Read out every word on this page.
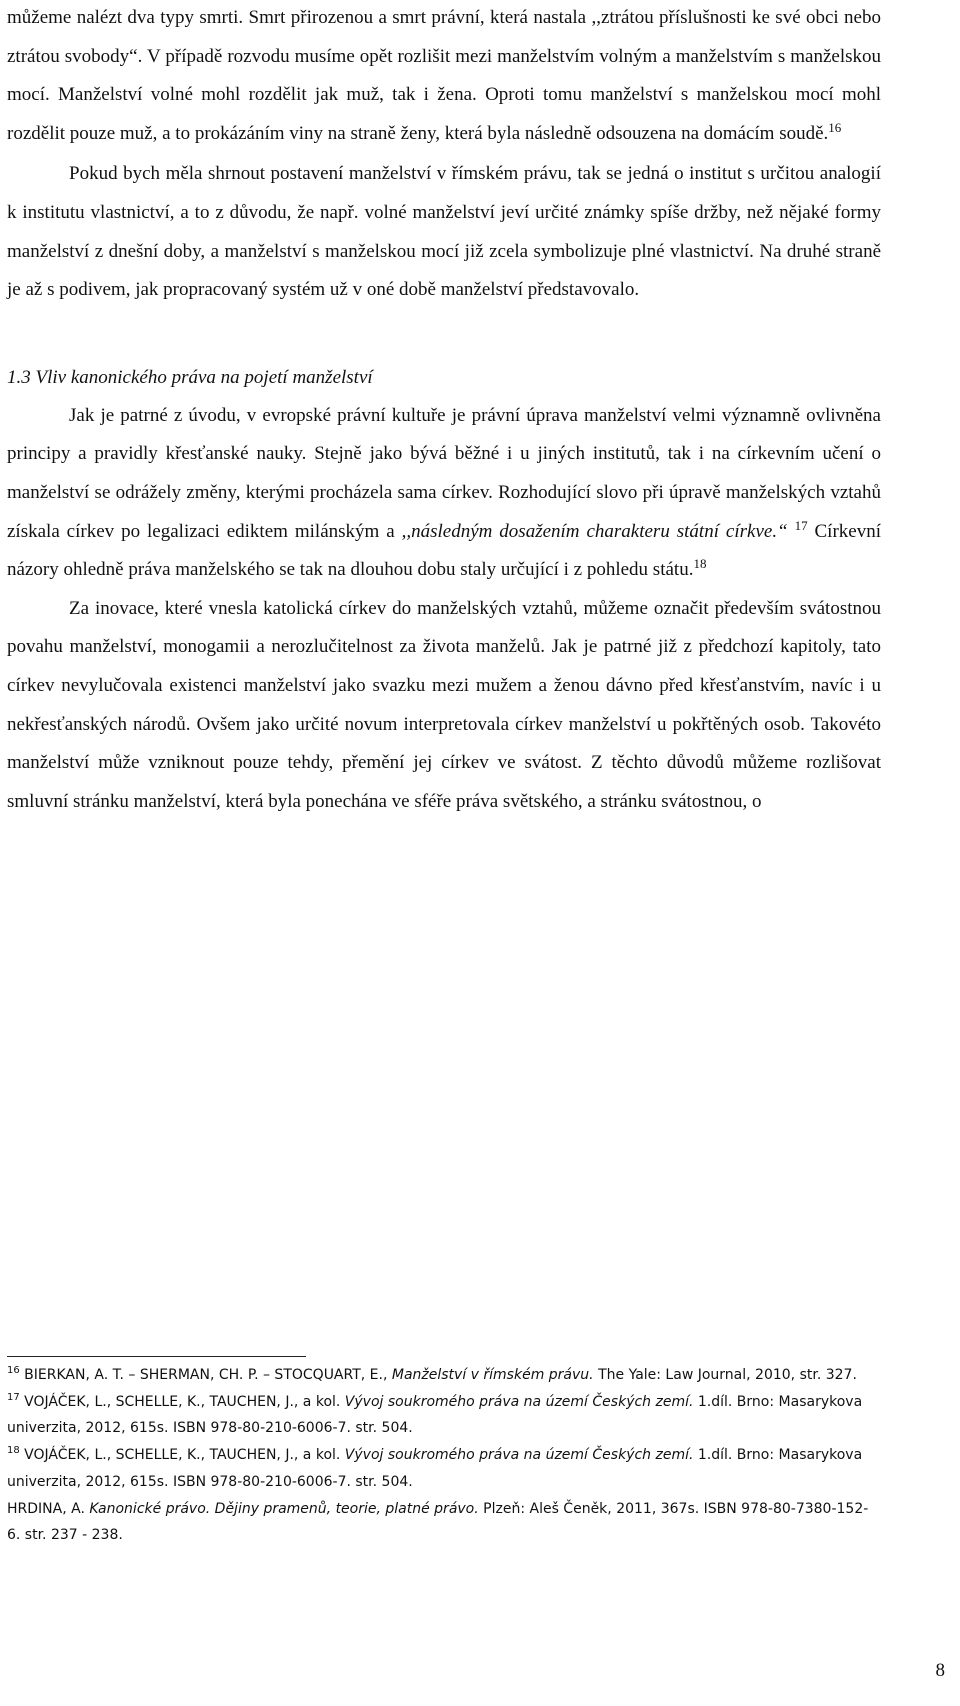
můžeme nalézt dva typy smrti. Smrt přirozenou a smrt právní, která nastala ,,ztrátou příslušnosti ke své obci nebo ztrátou svobody“. V případě rozvodu musíme opět rozlišit mezi manželstvím volným a manželstvím s manželskou mocí. Manželství volné mohl rozdělit jak muž, tak i žena. Oproti tomu manželství s manželskou mocí mohl rozdělit pouze muž, a to prokázáním viny na straně ženy, která byla následně odsouzena na domácím soudě.$^{16}$

Pokud bych měla shrnout postavení manželství v římském právu, tak se jedná o institut s určitou analogií k institutu vlastnictví, a to z důvodu, že např. volné manželství jeví určité známky spíše držby, než nějaké formy manželství z dnešní doby, a manželství s manželskou mocí již zcela symbolizuje plné vlastnictví. Na druhé straně je až s podivem, jak propracovaný systém už v oné době manželství představovalo.

1.3 Vliv kanonického práva na pojetí manželství

Jak je patrné z úvodu, v evropské právní kultuře je právní úprava manželství velmi významně ovlivněna principy a pravidly křesťanské nauky. Stejně jako bývá běžné i u jiných institutů, tak i na církevním učení o manželství se odrážely změny, kterými procházela sama církev. Rozhodující slovo při úpravě manželských vztahů získala církev po legalizaci ediktem milánským a ,,následným dosažením charakteru státní církve.“ $^{17}$ Církevní názory ohledně práva manželského se tak na dlouhou dobu staly určující i z pohledu státu.$^{18}$

Za inovace, které vnesla katolická církev do manželských vztahů, můžeme označit především svátostnou povahu manželství, monogamii a nerozlučitelnost za života manželů. Jak je patrné již z předchozí kapitoly, tato církev nevylučovala existenci manželství jako svazku mezi mužem a ženou dávno před křesťanstvím, navíc i u nekřesťanských národů. Ovšem jako určité novum interpretovala církev manželství u pokřtěných osob. Takovéto manželství může vzniknout pouze tehdy, přemění jej církev ve svátost. Z těchto důvodů můžeme rozlišovat smluvní stránku manželství, která byla ponechána ve sféře práva světského, a stránku svátostnou, o

$^{16}$ BIERKAN, A. T. – SHERMAN, CH. P. – STOCQUART, E., Manželství v římském právu. The Yale: Law Journal, 2010, str. 327.

$^{17}$ VOJÁČEK, L., SCHELLE, K., TAUCHEN, J., a kol. Vývoj soukromého práva na území Českých zemí. 1.díl. Brno: Masarykova univerzita, 2012, 615s. ISBN 978-80-210-6006-7. str. 504.

$^{18}$ VOJÁČEK, L., SCHELLE, K., TAUCHEN, J., a kol. Vývoj soukromého práva na území Českých zemí. 1.díl. Brno: Masarykova univerzita, 2012, 615s. ISBN 978-80-210-6006-7. str. 504.

HRDINA, A. Kanonické právo. Dějiny pramenů, teorie, platné právo. Plzeň: Aleš Čeněk, 2011, 367s. ISBN 978-80-7380-152-6. str. 237 - 238.

8
